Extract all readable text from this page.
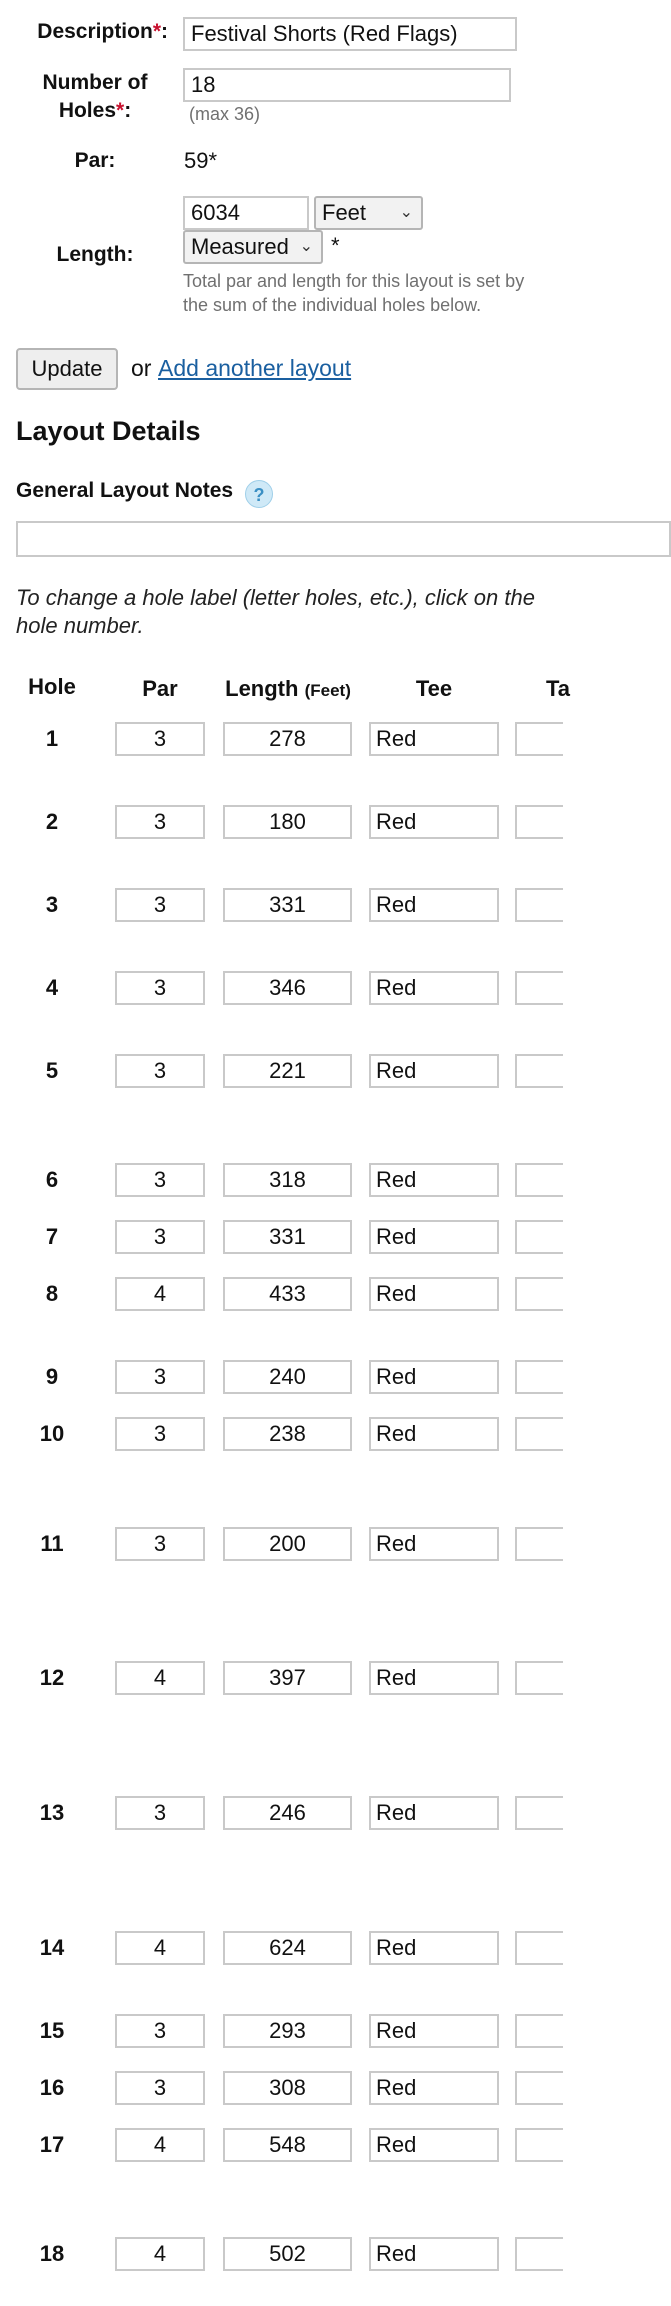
Description*:	Festival Shorts (Red Flags)
Number of
Holes*:
18
(max 36)
Par:	59*
Length:
6034	Feet ⌄
Measured ⌄ *
Total par and length for this layout is set by
the sum of the individual holes below.
Update	or Add another layout
Layout Details
General Layout Notes	?
To change a hole label (letter holes, etc.), click on the
hole number.
Hole	Par	Length (Feet)	Tee	Ta
1	3	278	Red
2	3	180	Red
3	3	331	Red
4	3	346	Red
5	3	221	Red
6	3	318	Red
7	3	331	Red
8	4	433	Red
9	3	240	Red
10	3	238	Red
11	3	200	Red
12	4	397	Red
13	3	246	Red
14	4	624	Red
15	3	293	Red
16	3	308	Red
17	4	548	Red
18	4	502	Red
